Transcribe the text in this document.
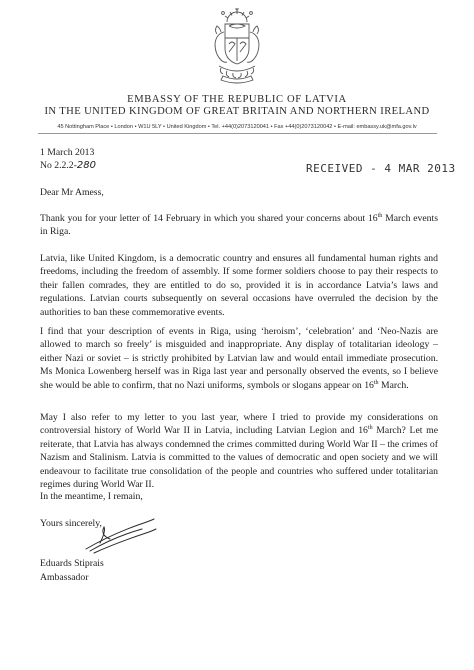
EMBASSY OF THE REPUBLIC OF LATVIA
IN THE UNITED KINGDOM OF GREAT BRITAIN AND NORTHERN IRELAND
45 Nottingham Place • London • W1U 5LY • United Kingdom • Tel. +44(0)2073120041 • Fax +44(0)2073120042 • E-mail: embassy.uk@mfa.gov.lv
1 March 2013
No 2.2.2-280	RECEIVED - 4 MAR 2013
Dear Mr Amess,
Thank you for your letter of 14 February in which you shared your concerns about 16th March events in Riga.
Latvia, like United Kingdom, is a democratic country and ensures all fundamental human rights and freedoms, including the freedom of assembly. If some former soldiers choose to pay their respects to their fallen comrades, they are entitled to do so, provided it is in accordance Latvia’s laws and regulations. Latvian courts subsequently on several occasions have overruled the decision by the authorities to ban these commemorative events.
I find that your description of events in Riga, using ‘heroism’, ‘celebration’ and ‘Neo-Nazis are allowed to march so freely’ is misguided and inappropriate. Any display of totalitarian ideology – either Nazi or soviet – is strictly prohibited by Latvian law and would entail immediate prosecution. Ms Monica Lowenberg herself was in Riga last year and personally observed the events, so I believe she would be able to confirm, that no Nazi uniforms, symbols or slogans appear on 16th March.
May I also refer to my letter to you last year, where I tried to provide my considerations on controversial history of World War II in Latvia, including Latvian Legion and 16th March? Let me reiterate, that Latvia has always condemned the crimes committed during World War II – the crimes of Nazism and Stalinism. Latvia is committed to the values of democratic and open society and we will endeavour to facilitate true consolidation of the people and countries who suffered under totalitarian regimes during World War II.
In the meantime, I remain,
Yours sincerely,
Eduards Stiprais
Ambassador
